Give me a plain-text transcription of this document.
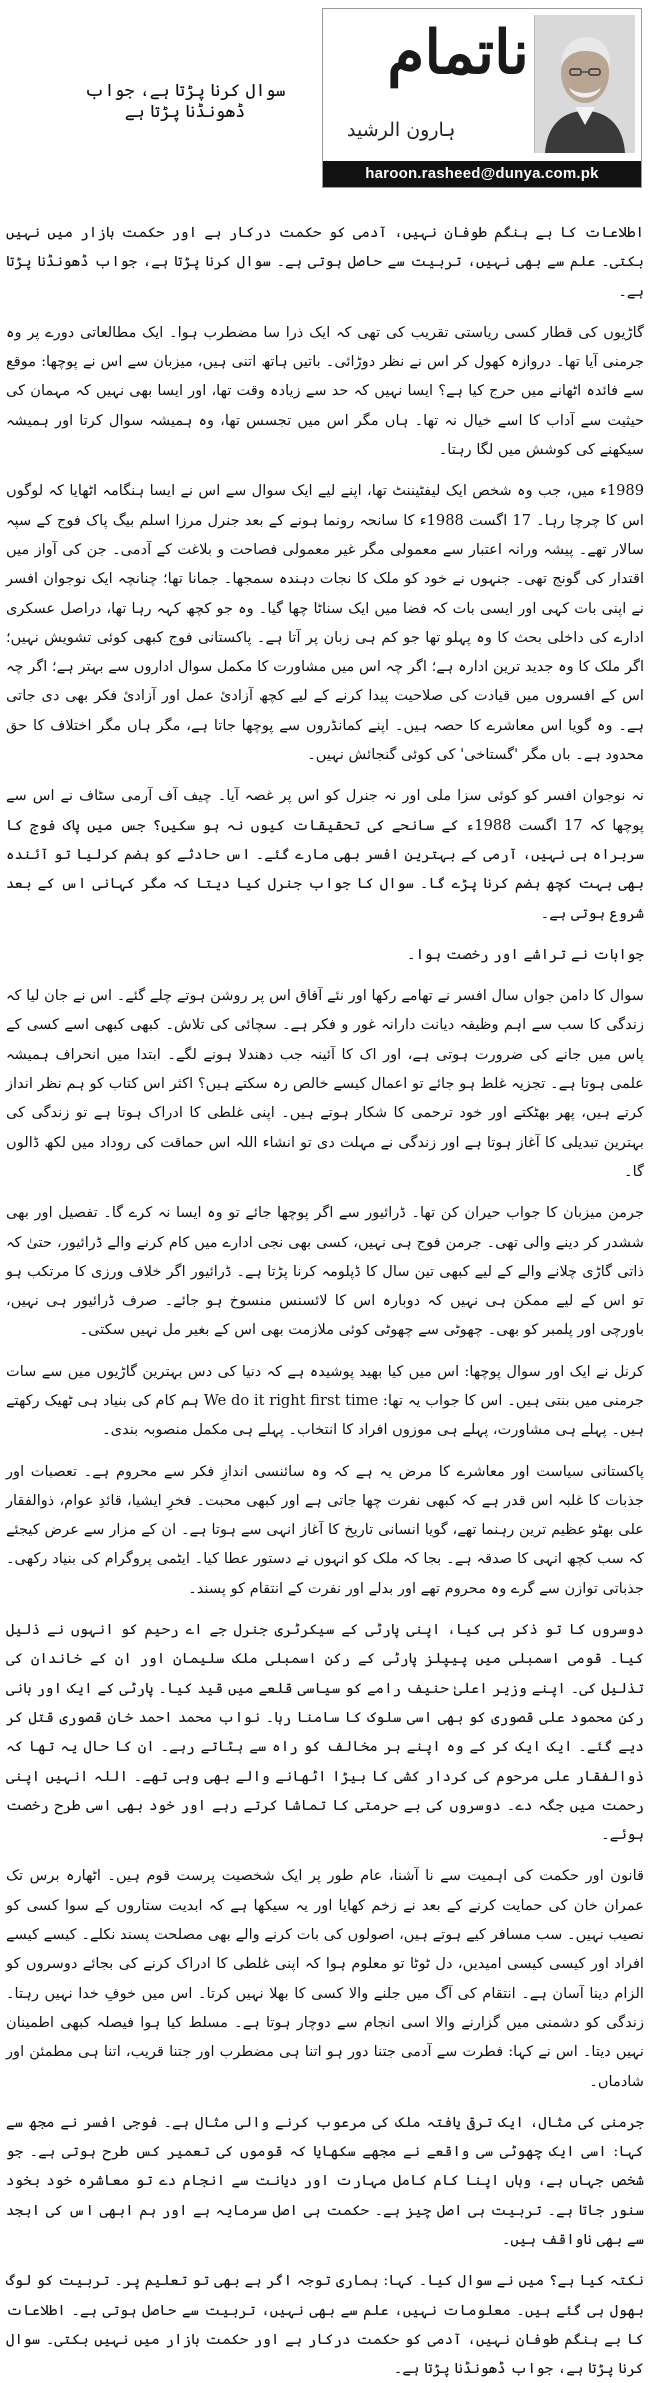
ناتمام
ہارون الرشید
haroon.rasheed@dunya.com.pk
سوال کرنا پڑتا ہے، جواب ڈھونڈنا پڑتا ہے

اطلاعات کا بے ہنگم طوفان نہیں، آدمی کو حکمت درکار ہے اور حکمت بازار میں نہیں بکتی۔ علم سے بھی نہیں، تربیت سے حاصل ہوتی ہے۔ سوال کرنا پڑتا ہے، جواب ڈھونڈنا پڑتا ہے۔

گاڑیوں کی قطار کسی ریاستی تقریب کی تھی کہ ایک ذرا سا مضطرب ہوا۔ ایک مطالعاتی دورے پر وہ جرمنی آیا تھا۔ دروازہ کھول کر اس نے نظر دوڑائی۔ باتیں ہاتھ اتنی ہیں، میزبان سے اس نے پوچھا: موقع سے فائدہ اٹھانے میں حرج کیا ہے؟ ایسا نہیں کہ حد سے زیادہ وقت تھا، اور ایسا بھی نہیں کہ مہمان کی حیثیت سے آداب کا اسے خیال نہ تھا۔ ہاں مگر اس میں تجسس تھا، وہ ہمیشہ سوال کرتا اور ہمیشہ سیکھنے کی کوشش میں لگا رہتا۔

1989ء میں، جب وہ شخص ایک لیفٹیننٹ تھا، اپنے لیے ایک سوال سے اس نے ایسا ہنگامہ اٹھایا کہ لوگوں اس کا چرچا رہا۔ 17 اگست 1988ء کا سانحہ رونما ہونے کے بعد جنرل مرزا اسلم بیگ پاک فوج کے سپہ سالار تھے۔ پیشہ ورانہ اعتبار سے معمولی مگر غیر معمولی فصاحت و بلاغت کے آدمی۔ جن کی آواز میں اقتدار کی گونج تھی۔ جنہوں نے خود کو ملک کا نجات دہندہ سمجھا۔ جمانا تھا؛ چنانچہ ایک نوجوان افسر نے اپنی بات کہی اور ایسی بات کہ فضا میں ایک سناٹا چھا گیا۔ وہ جو کچھ کہہ رہا تھا، دراصل عسکری ادارے کی داخلی بحث کا وہ پہلو تھا جو کم ہی زبان پر آتا ہے۔ پاکستانی فوج کبھی کوئی تشویش نہیں؛ اگر ملک کا وہ جدید ترین ادارہ ہے؛ اگر چہ اس میں مشاورت کا مکمل سوال اداروں سے بہتر ہے؛ اگر چہ اس کے افسروں میں قیادت کی صلاحیت پیدا کرنے کے لیے کچھ آزادیٔ عمل اور آزادیٔ فکر بھی دی جاتی ہے۔ وہ گویا اس معاشرے کا حصہ ہیں۔ اپنے کمانڈروں سے پوچھا جاتا ہے، مگر ہاں مگر اختلاف کا حق محدود ہے۔ باں مگر 'گستاخی' کی کوئی گنجائش نہیں۔

نہ نوجوان افسر کو کوئی سزا ملی اور نہ جنرل کو اس پر غصہ آیا۔ چیف آف آرمی سٹاف نے اس سے پوچھا کہ 17 اگست 1988ء کے سانحے کی تحقیقات کیوں نہ ہو سکیں؟ جس میں پاک فوج کا سربراہ ہی نہیں، آرمی کے بہترین افسر بھی مارے گئے۔ اس حادثے کو ہضم کرلیا تو آئندہ بھی بہت کچھ ہضم کرنا پڑے گا۔ سوال کا جواب جنرل کیا دیتا کہ مگر کہانی اس کے بعد شروع ہوتی ہے۔

جوابات نے تراشے اور رخصت ہوا۔

سوال کا دامن جواں سال افسر نے تھامے رکھا اور نئے آفاق اس پر روشن ہوتے چلے گئے۔ اس نے جان لیا کہ زندگی کا سب سے اہم وظیفہ دیانت دارانہ غور و فکر ہے۔ سچائی کی تلاش۔ کبھی کبھی اسے کسی کے پاس میں جانے کی ضرورت ہوتی ہے، اور اک کا آئینہ جب دھندلا ہونے لگے۔ ابتدا میں انحراف ہمیشہ علمی ہوتا ہے۔ تجزیہ غلط ہو جائے تو اعمال کیسے خالص رہ سکتے ہیں؟ اکثر اس کتاب کو ہم نظر انداز کرتے ہیں، پھر بھٹکتے اور خود ترحمی کا شکار ہوتے ہیں۔ اپنی غلطی کا ادراک ہوتا ہے تو زندگی کی بہترین تبدیلی کا آغاز ہوتا ہے اور زندگی نے مہلت دی تو انشاء اللہ اس حماقت کی روداد میں لکھ ڈالوں گا۔

جرمن میزبان کا جواب حیران کن تھا۔ ڈرائیور سے اگر پوچھا جائے تو وہ ایسا نہ کرے گا۔ تفصیل اور بھی ششدر کر دینے والی تھی۔ جرمن فوج ہی نہیں، کسی بھی نجی ادارے میں کام کرنے والے ڈرائیور، حتیٰ کہ ذاتی گاڑی چلانے والے کے لیے کبھی تین سال کا ڈپلومہ کرنا پڑتا ہے۔ ڈرائیور اگر خلاف ورزی کا مرتکب ہو تو اس کے لیے ممکن ہی نہیں کہ دوبارہ اس کا لائسنس منسوخ ہو جائے۔ صرف ڈرائیور ہی نہیں، باورچی اور پلمبر کو بھی۔ چھوٹی سے چھوٹی کوئی ملازمت بھی اس کے بغیر مل نہیں سکتی۔

کرنل نے ایک اور سوال پوچھا: اس میں کیا بھید پوشیدہ ہے کہ دنیا کی دس بہترین گاڑیوں میں سے سات جرمنی میں بنتی ہیں۔ اس کا جواب یہ تھا: We do it right first time ہم کام کی بنیاد ہی ٹھیک رکھتے ہیں۔ پہلے ہی مشاورت، پہلے ہی موزوں افراد کا انتخاب۔ پہلے ہی مکمل منصوبہ بندی۔

پاکستانی سیاست اور معاشرے کا مرض یہ ہے کہ وہ سائنسی اندازِ فکر سے محروم ہے۔ تعصبات اور جذبات کا غلبہ اس قدر ہے کہ کبھی نفرت چھا جاتی ہے اور کبھی محبت۔ فخرِ ایشیا، قائدِ عوام، ذوالفقار علی بھٹو عظیم ترین رہنما تھے، گویا انسانی تاریخ کا آغاز انہی سے ہوتا ہے۔ ان کے مزار سے عرض کیجئے کہ سب کچھ انہی کا صدقہ ہے۔ بجا کہ ملک کو انہوں نے دستور عطا کیا۔ ایٹمی پروگرام کی بنیاد رکھی۔ جذباتی توازن سے گرے وہ محروم تھے اور بدلے اور نفرت کے انتقام کو پسند۔

دوسروں کا تو ذکر ہی کیا، اپنی پارٹی کے سیکرٹری جنرل جے اے رحیم کو انہوں نے ذلیل کیا۔ قومی اسمبلی میں پیپلز پارٹی کے رکن اسمبلی ملک سلیمان اور ان کے خاندان کی تذلیل کی۔ اپنے وزیر اعلیٰ حنیف رامے کو سیاسی قلعے میں قید کیا۔ پارٹی کے ایک اور بانی رکن محمود علی قصوری کو بھی اسی سلوک کا سامنا رہا۔ نواب محمد احمد خان قصوری قتل کر دیے گئے۔ ایک ایک کر کے وہ اپنے ہر مخالف کو راہ سے ہٹاتے رہے۔ ان کا حال یہ تھا کہ ذوالفقار علی مرحوم کی کردار کشی کا بیڑا اٹھانے والے بھی وہی تھے۔ اللہ انہیں اپنی رحمت میں جگہ دے۔ دوسروں کی بے حرمتی کا تماشا کرتے رہے اور خود بھی اسی طرح رخصت ہوئے۔

قانون اور حکمت کی اہمیت سے نا آشنا، عام طور پر ایک شخصیت پرست قوم ہیں۔ اٹھارہ برس تک عمران خان کی حمایت کرنے کے بعد نے زخم کھایا اور یہ سیکھا ہے کہ ابدیت ستاروں کے سوا کسی کو نصیب نہیں۔ سب مسافر کیے ہوتے ہیں، اصولوں کی بات کرنے والے بھی مصلحت پسند نکلے۔ کیسے کیسے افراد اور کیسی کیسی امیدیں، دل ٹوٹا تو معلوم ہوا کہ اپنی غلطی کا ادراک کرنے کی بجائے دوسروں کو الزام دینا آسان ہے۔ انتقام کی آگ میں جلنے والا کسی کا بھلا نہیں کرتا۔ اس میں خوفِ خدا نہیں رہتا۔ زندگی کو دشمنی میں گزارنے والا اسی انجام سے دوچار ہوتا ہے۔ مسلط کیا ہوا فیصلہ کبھی اطمینان نہیں دیتا۔ اس نے کہا: فطرت سے آدمی جتنا دور ہو اتنا ہی مضطرب اور جتنا قریب، اتنا ہی مطمئن اور شادماں۔

جرمنی کی مثال، ایک ترقی یافتہ ملک کی مرعوب کرنے والی مثال ہے۔ فوجی افسر نے مجھ سے کہا: اسی ایک چھوٹی سی واقعے نے مجھے سکھایا کہ قوموں کی تعمیر کس طرح ہوتی ہے۔ جو شخص جہاں ہے، وہاں اپنا کام کامل مہارت اور دیانت سے انجام دے تو معاشرہ خود بخود سنور جاتا ہے۔ تربیت ہی اصل چیز ہے۔ حکمت ہی اصل سرمایہ ہے اور ہم ابھی اس کی ابجد سے بھی ناواقف ہیں۔

نکتہ کیا ہے؟ میں نے سوال کیا۔ کہا: ہماری توجہ اگر ہے بھی تو تعلیم پر۔ تربیت کو لوگ بھول ہی گئے ہیں۔ معلومات نہیں، علم سے بھی نہیں، تربیت سے حاصل ہوتی ہے۔ اطلاعات کا بے ہنگم طوفان نہیں، آدمی کو حکمت درکار ہے اور حکمت بازار میں نہیں بکتی۔ سوال کرنا پڑتا ہے، جواب ڈھونڈنا پڑتا ہے۔
